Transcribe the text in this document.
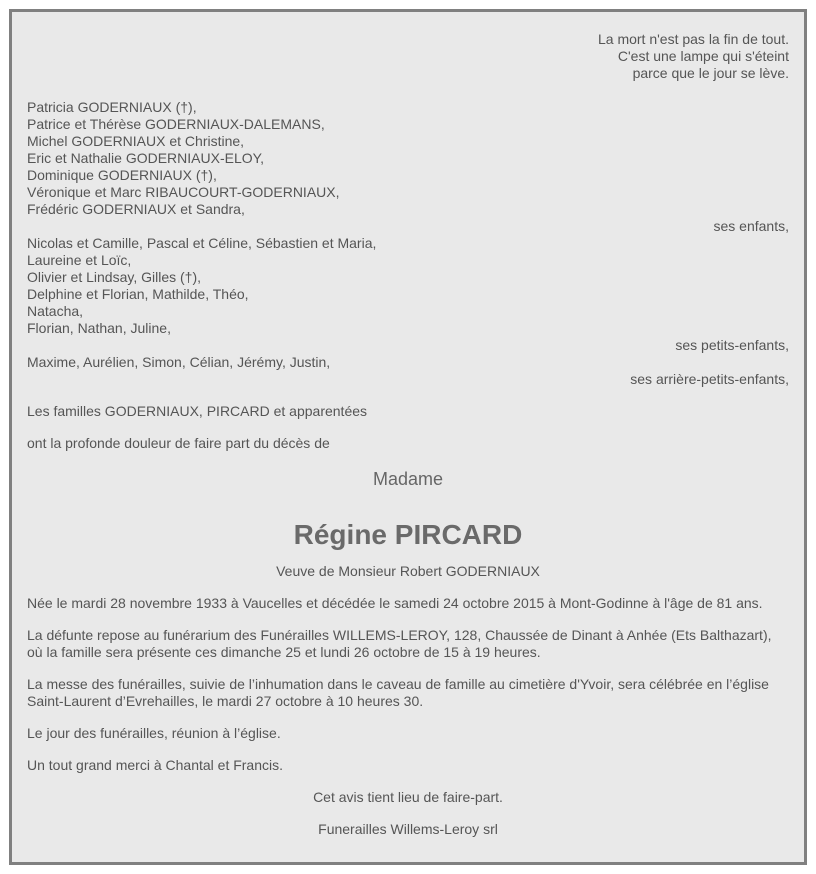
La mort n'est pas la fin de tout.
C'est une lampe qui s'éteint
parce que le jour se lève.
Patricia GODERNIAUX (†),
Patrice et Thérèse GODERNIAUX-DALEMANS,
Michel GODERNIAUX et Christine,
Eric et Nathalie GODERNIAUX-ELOY,
Dominique GODERNIAUX (†),
Véronique et Marc RIBAUCOURT-GODERNIAUX,
Frédéric GODERNIAUX et Sandra,
ses enfants,
Nicolas et Camille, Pascal et Céline, Sébastien et Maria,
Laureine et Loïc,
Olivier et Lindsay, Gilles (†),
Delphine et Florian, Mathilde, Théo,
Natacha,
Florian, Nathan, Juline,
ses petits-enfants,
Maxime, Aurélien, Simon, Célian, Jérémy, Justin,
ses arrière-petits-enfants,
Les familles GODERNIAUX, PIRCARD et apparentées
ont la profonde douleur de faire part du décès de
Madame
Régine PIRCARD
Veuve de Monsieur Robert GODERNIAUX

Née le mardi 28 novembre 1933 à Vaucelles et décédée le samedi 24 octobre 2015 à Mont-Godinne à l'âge de 81 ans.

La défunte repose au funérarium des Funérailles WILLEMS-LEROY, 128, Chaussée de Dinant à Anhée (Ets Balthazart), où la famille sera présente ces dimanche 25 et lundi 26 octobre de 15 à 19 heures.

La messe des funérailles, suivie de l’inhumation dans le caveau de famille au cimetière d'Yvoir, sera célébrée en l’église Saint-Laurent d’Evrehailles, le mardi 27 octobre à 10 heures 30.

Le jour des funérailles, réunion à l’église.

Un tout grand merci à Chantal et Francis.

Cet avis tient lieu de faire-part.

Funerailles Willems-Leroy srl
